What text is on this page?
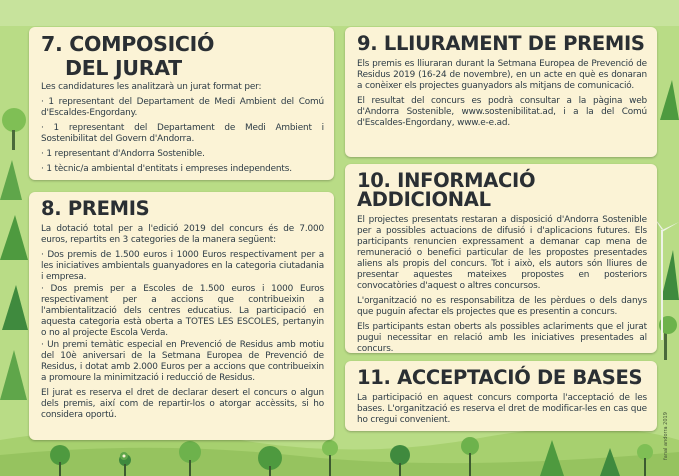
7. COMPOSICIÓ
DEL JURAT

Les candidatures les analitzarà un jurat format per:

· 1 representant del Departament de Medi Ambient del Comú d'Escaldes-Engordany.

· 1 representant del Departament de Medi Ambient i Sostenibilitat del Govern d'Andorra.

· 1 representant d'Andorra Sostenible.

· 1 tècnic/a ambiental d'entitats i empreses independents.

8. PREMIS

La dotació total per a l'edició 2019 del concurs és de 7.000 euros, repartits en 3 categories de la manera següent:

· Dos premis de 1.500 euros i 1000 Euros respectivament per a les iniciatives ambientals guanyadores en la categoria ciutadania i empresa.

· Dos premis per a Escoles de 1.500 euros i 1000 Euros respectivament per a accions que contribueixin a l'ambientalització dels centres educatius. La participació en aquesta categoria està oberta a TOTES LES ESCOLES, pertanyin o no al projecte Escola Verda.

· Un premi temàtic especial en Prevenció de Residus amb motiu del 10è aniversari de la Setmana Europea de Prevenció de Residus, i dotat amb 2.000 Euros per a accions que contribueixin a promoure la minimització i reducció de Residus.

El jurat es reserva el dret de declarar desert el concurs o algun dels premis, així com de repartir-los o atorgar accèssits, si ho considera oportú.

9. LLIURAMENT DE PREMIS

Els premis es lliuraran durant la Setmana Europea de Prevenció de Residus 2019 (16-24 de novembre), en un acte en què es donaran a conèixer els projectes guanyadors als mitjans de comunicació.

El resultat del concurs es podrà consultar a la pàgina web d'Andorra Sostenible, www.sostenibilitat.ad, i a la del Comú d'Escaldes-Engordany, www.e-e.ad.

10. INFORMACIÓ ADDICIONAL

El projectes presentats restaran a disposició d'Andorra Sostenible per a possibles actuacions de difusió i d'aplicacions futures. Els participants renuncien expressament a demanar cap mena de remuneració o benefici particular de les propostes presentades aliens als propis del concurs. Tot i això, els autors són lliures de presentar aquestes mateixes propostes en posteriors convocatòries d'aquest o altres concursos.

L'organització no es responsabilitza de les pèrdues o dels danys que puguin afectar els projectes que es presentin a concurs.

Els participants estan oberts als possibles aclariments que el jurat pugui necessitar en relació amb les iniciatives presentades al concurs.

11. ACCEPTACIÓ DE BASES

La participació en aquest concurs comporta l'acceptació de les bases. L'organització es reserva el dret de modificar-les en cas que ho cregui convenient.	fanal andorra 2019
